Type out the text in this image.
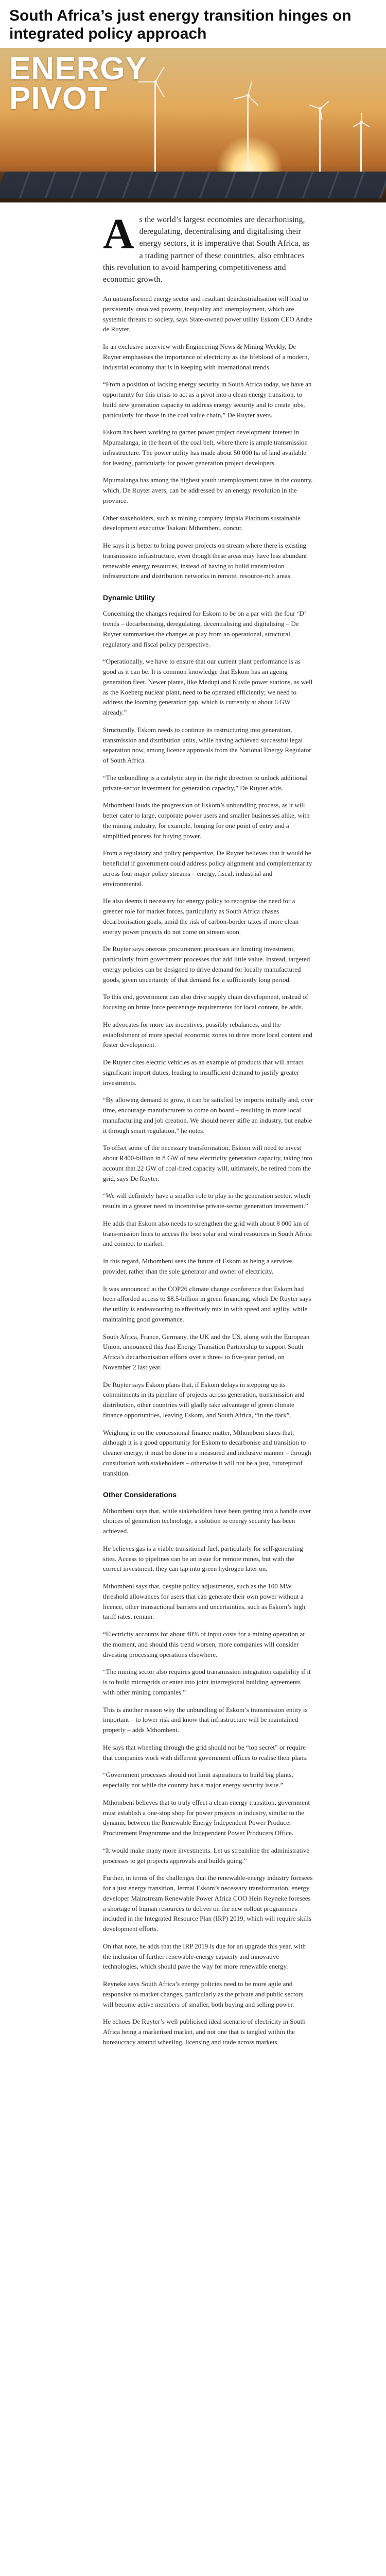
South Africa’s just energy transition hinges on integrated policy approach
ENERGY
PIVOT

A s the world’s largest economies are decarbonising, deregulating, decentralising and digitalising their energy sectors, it is imperative that South Africa, as a trading partner of these countries, also embraces this revolution to avoid hampering competitiveness and economic growth.

An untransformed energy sector and resultant deindustrialisation will lead to persistently unsolved poverty, inequality and unemployment, which are systemic threats to society, says State-owned power utility Eskom CEO Andre de Ruyter.

In an exclusive interview with Engineering News & Mining Weekly, De Ruyter emphasises the importance of electricity as the lifeblood of a modern, industrial economy that is in keeping with international trends.

“From a position of lacking energy security in South Africa today, we have an opportunity for this crisis to act as a pivot into a clean energy transition, to build new generation capacity to address energy security and to create jobs, particularly for those in the coal value chain,” De Ruyter avers.

Eskom has been working to garner power project development interest in Mpumalanga, in the heart of the coal belt, where there is ample transmission infrastructure. The power utility has made about 50 000 ha of land available for leasing, particularly for power generation project developers.

Mpumalanga has among the highest youth unemployment rates in the country, which, De Ruyter avers, can be addressed by an energy revolution in the province.

Other stakeholders, such as mining company Impala Platinum sustainable development executive Tsakani Mthombeni, concur.

He says it is better to bring power projects on stream where there is existing transmission infrastructure, even though these areas may have less abundant renewable energy resources, instead of having to build transmission infrastructure and distribution networks in remote, resource-rich areas.

Dynamic Utility

Concerning the changes required for Eskom to be on a par with the four ‘D’ trends – decarbonising, deregulating, decentralising and digitalising – De Ruyter summarises the changes at play from an operational, structural, regulatory and fiscal policy perspective.

“Operationally, we have to ensure that our current plant performance is as good as it can be. It is common knowledge that Eskom has an ageing generation fleet. Newer plants, like Medupi and Kusile power stations, as well as the Koeberg nuclear plant, need to be operated efficiently; we need to address the looming generation gap, which is currently at about 6 GW already.”

Structurally, Eskom needs to continue its restructuring into generation, transmission and distribution units, while having achieved successful legal separation now, among licence approvals from the National Energy Regulator of South Africa.

“The unbundling is a catalytic step in the right direction to unlock additional private-sector investment for generation capacity,” De Ruyter adds.

Mthombeni lauds the progression of Eskom’s unbundling process, as it will better cater to large, corporate power users and smaller businesses alike, with the mining industry, for example, longing for one point of entry and a simplified process for buying power.

From a regulatory and policy perspective, De Ruyter believes that it would be beneficial if government could address policy alignment and complementarity across four major policy streams – energy, fiscal, industrial and environmental.

He also deems it necessary for energy policy to recognise the need for a greener role for market forces, particularly as South Africa chases decarbonisation goals, amid the risk of carbon-border taxes if more clean energy power projects do not come on stream soon.

De Ruyter says onerous procurement processes are limiting investment, particularly from government processes that add little value. Instead, targeted energy policies can be designed to drive demand for locally manufactured goods, given uncertainty of that demand for a sufficiently long period.

To this end, government can also drive supply chain development, instead of focusing on brute force percentage requirements for local content, he adds.

He advocates for more tax incentives, possibly rebalances, and the establishment of more special economic zones to drive more local content and foster development.

De Ruyter cites electric vehicles as an example of products that will attract significant import duties, leading to insufficient demand to justify greater investments.

“By allowing demand to grow, it can be satisfied by imports initially and, over time, encourage manufacturers to come on board – resulting in more local manufacturing and job creation. We should never stifle an industry, but enable it through smart regulation,” he notes.

To offset some of the necessary transformation, Eskom will need to invest about R400-billion in 8 GW of new electricity generation capacity, taking into account that 22 GW of coal-fired capacity will, ultimately, be retired from the grid, says De Ruyter.

“We will definitely have a smaller role to play in the generation sector, which results in a greater need to incentivise private-sector generation investment.”

He adds that Eskom also needs to strengthen the grid with about 8 000 km of trans-mission lines to access the best solar and wind resources in South Africa and connect to market.

In this regard, Mthombeni sees the future of Eskom as being a services provider, rather than the sole generator and owner of electricity.

It was announced at the COP26 climate change conference that Eskom had been afforded access to $8.5-billion in green financing, which De Ruyter says the utility is endeavouring to effectively mix in with speed and agility, while maintaining good governance.

South Africa, France, Germany, the UK and the US, along with the European Union, announced this Just Energy Transition Partnership to support South Africa’s decarbonisation efforts over a three- to five-year period, on November 2 last year.

De Ruyter says Eskom plans that, if Eskom delays in stepping up its commitments in its pipeline of projects across generation, transmission and distribution, other countries will gladly take advantage of green climate finance opportunities, leaving Eskom, and South Africa, “in the dark”.

Weighing in on the concessional finance matter, Mthombeni states that, although it is a good opportunity for Eskom to decarbonise and transition to cleaner energy, it must be done in a measured and inclusive manner – through consultation with stakeholders – otherwise it will not be a just, futureproof transition.

Other Considerations

Mthombeni says that, while stakeholders have been getting into a handle over choices of generation technology, a solution to energy security has been achieved.

He believes gas is a viable transitional fuel, particularly for self-generating sites. Access to pipelines can be an issue for remote mines, but with the correct investment, they can tap into green hydrogen later on.

Mthombeni says that, despite policy adjustments, such as the 100 MW threshold allowances for users that can generate their own power without a licence, other transactional barriers and uncertainties, such as Eskom’s high tariff rates, remain.

“Electricity accounts for about 40% of input costs for a mining operation at the moment, and should this trend worsen, more companies will consider divesting processing operations elsewhere.

“The mining sector also requires good transmission integration capability if it is to build microgrids or enter into joint interregional building agreements with other mining companies.”

This is another reason why the unbundling of Eskom’s transmission entity is important – to lower risk and know that infrastructure will be maintained properly – adds Mthombeni.

He says that wheeling through the grid should not be “top secret” or require that companies work with different government offices to realise their plans.

“Government processes should not limit aspirations to build big plants, especially not while the country has a major energy security issue.”

Mthombeni believes that to truly effect a clean energy transition, government must establish a one-stop shop for power projects in industry, similar to the dynamic between the Renewable Energy Independent Power Producer Procurement Programme and the Independent Power Producers Office.

“It would make many more investments. Let us streamline the administrative processes to get projects approvals and builds going.”

Further, in terms of the challenges that the renewable-energy industry foresees for a just energy transition, Jermal Eskom’s necessary transformation, energy developer Mainstream Renewable Power Africa COO Hein Reyneke foresees a shortage of human resources to deliver on the new rollout programmes included in the Integrated Resource Plan (IRP) 2019, which will require skills development efforts.

On that note, he adds that the IRP 2019 is due for an upgrade this year, with the inclusion of further renewable-energy capacity and innovative technologies, which should pave the way for more renewable energy.

Reyneke says South Africa’s energy policies need to be more agile and responsive to market changes, particularly as the private and public sectors will become active members of smaller, both buying and selling power.

He echoes De Ruyter’s well publicised ideal scenario of electricity in South Africa being a marketised market, and not one that is tangled within the bureaucracy around wheeling, licensing and trade across markets.
